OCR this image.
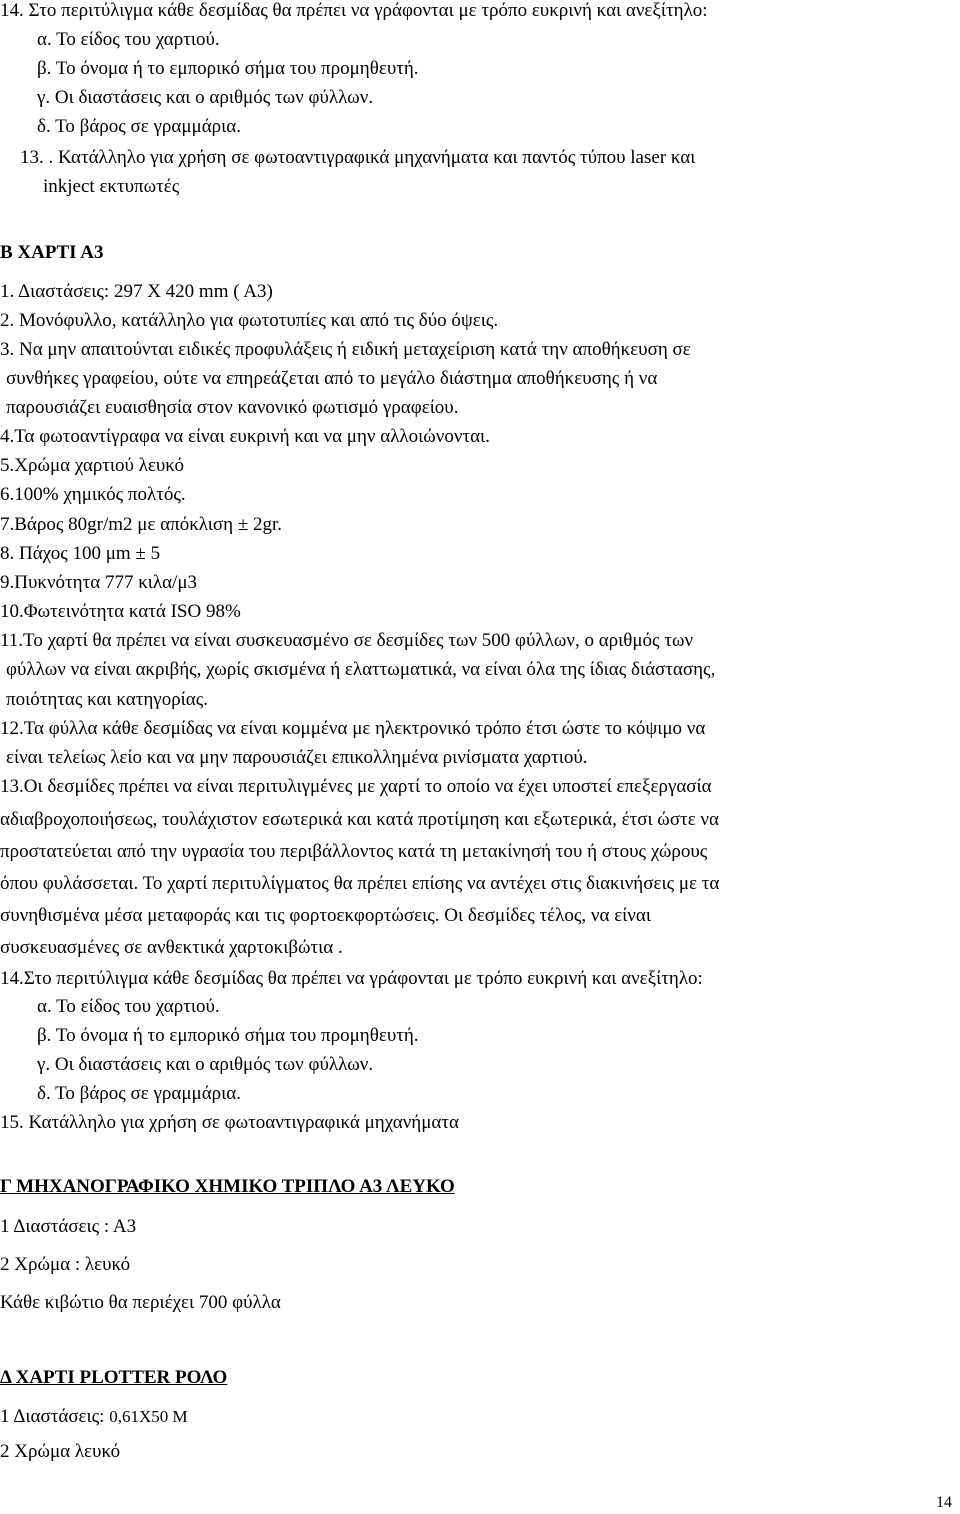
14. Στο περιτύλιγμα κάθε δεσμίδας θα πρέπει να γράφονται με τρόπο ευκρινή και ανεξίτηλο:
α. Το είδος του χαρτιού.
β. Το όνομα ή το εμπορικό σήμα του προμηθευτή.
γ. Οι διαστάσεις και ο αριθμός των φύλλων.
δ. Το βάρος σε γραμμάρια.
13. . Κατάλληλο για χρήση σε φωτοαντιγραφικά μηχανήματα και παντός τύπου laser και
inkject εκτυπωτές
Β ΧΑΡΤΙ Α3
1. Διαστάσεις: 297 Χ 420 mm ( A3)
2. Μονόφυλλο, κατάλληλο για φωτοτυπίες και από τις δύο όψεις.
3. Να μην απαιτούνται ειδικές προφυλάξεις ή ειδική μεταχείριση κατά την αποθήκευση σε
συνθήκες γραφείου, ούτε να επηρεάζεται από το μεγάλο διάστημα αποθήκευσης ή να
παρουσιάζει ευαισθησία στον κανονικό φωτισμό γραφείου.
4.Τα φωτοαντίγραφα να είναι ευκρινή και να μην αλλοιώνονται.
5.Χρώμα χαρτιού λευκό
6.100% χημικός πολτός.
7.Βάρος 80gr/m2 με απόκλιση ± 2gr.
8. Πάχος 100 μm ± 5
9.Πυκνότητα 777 κιλα/μ3
10.Φωτεινότητα κατά ISO 98%
11.Το χαρτί θα πρέπει να είναι συσκευασμένο σε δεσμίδες των 500 φύλλων, ο αριθμός των
φύλλων να είναι ακριβής, χωρίς σκισμένα ή ελαττωματικά, να είναι όλα της ίδιας διάστασης,
ποιότητας και κατηγορίας.
12.Τα φύλλα κάθε δεσμίδας να είναι κομμένα με ηλεκτρονικό τρόπο έτσι ώστε το κόψιμο να
είναι τελείως λείο και να μην παρουσιάζει επικολλημένα ρινίσματα χαρτιού.
13.Οι δεσμίδες πρέπει να είναι περιτυλιγμένες με χαρτί το οποίο να έχει υποστεί επεξεργασία
αδιαβροχοποιήσεως, τουλάχιστον εσωτερικά και κατά προτίμηση και εξωτερικά, έτσι ώστε να
προστατεύεται από την υγρασία του περιβάλλοντος κατά τη μετακίνησή του ή στους χώρους
όπου φυλάσσεται. Το χαρτί περιτυλίγματος θα πρέπει επίσης να αντέχει στις διακινήσεις με τα
συνηθισμένα μέσα μεταφοράς και τις φορτοεκφορτώσεις. Οι δεσμίδες τέλος, να είναι
συσκευασμένες σε ανθεκτικά χαρτοκιβώτια .
14.Στο περιτύλιγμα κάθε δεσμίδας θα πρέπει να γράφονται με τρόπο ευκρινή και ανεξίτηλο:
α. Το είδος του χαρτιού.
β. Το όνομα ή το εμπορικό σήμα του προμηθευτή.
γ. Οι διαστάσεις και ο αριθμός των φύλλων.
δ. Το βάρος σε γραμμάρια.
15. Κατάλληλο για χρήση σε φωτοαντιγραφικά μηχανήματα
Γ ΜΗΧΑΝΟΓΡΑΦΙΚΟ ΧΗΜΙΚΟ ΤΡΙΠΛΟ Α3 ΛΕΥΚΟ
1 Διαστάσεις : Α3
2 Χρώμα : λευκό
Κάθε κιβώτιο θα περιέχει 700 φύλλα
Δ ΧΑΡΤΙ PLOTTER ΡΟΛΟ
1 Διαστάσεις: 0,61Χ50 Μ
2 Χρώμα λευκό
14
